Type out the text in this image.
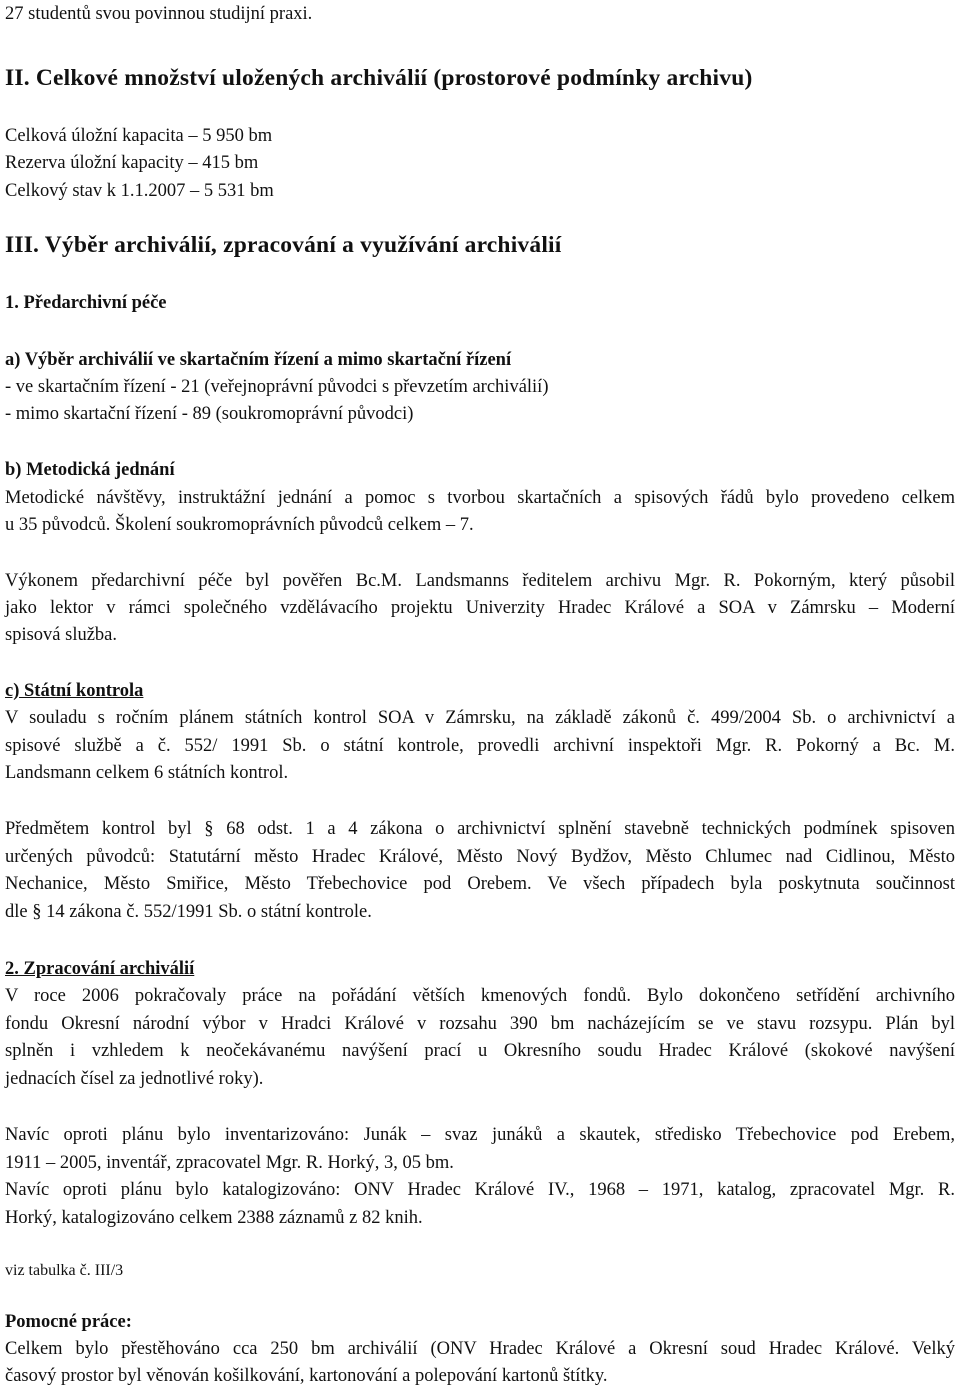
27 studentů svou povinnou studijní praxi.
II. Celkové množství uložených archiválií (prostorové podmínky archivu)
Celková úložní kapacita – 5 950 bm
Rezerva úložní kapacity – 415 bm
Celkový stav k 1.1.2007 – 5 531 bm
III. Výběr archiválií, zpracování a využívání archiválií
1. Předarchivní péče
a) Výběr archiválií ve skartačním řízení a mimo skartační řízení
- ve skartačním řízení - 21 (veřejnoprávní původci s převzetím archiválií)
- mimo skartační řízení - 89 (soukromoprávní původci)
b) Metodická jednání
Metodické návštěvy, instruktážní jednání a pomoc s tvorbou skartačních a spisových řádů bylo provedeno celkem
u 35 původců. Školení soukromoprávních původců celkem – 7.
Výkonem předarchivní péče byl pověřen Bc.M. Landsmanns ředitelem archivu Mgr. R. Pokorným, který působil
jako lektor v rámci společného vzdělávacího projektu Univerzity Hradec Králové a SOA v Zámrsku – Moderní
spisová služba.
c) Státní kontrola
V souladu s ročním plánem státních kontrol SOA v Zámrsku, na základě zákonů č. 499/2004 Sb. o archivnictví a
spisové službě a č. 552/ 1991 Sb. o státní kontrole, provedli archivní inspektoři Mgr. R. Pokorný a Bc. M.
Landsmann celkem 6 státních kontrol.
Předmětem kontrol byl § 68 odst. 1 a 4 zákona o archivnictví splnění stavebně technických podmínek spisoven
určených původců: Statutární město Hradec Králové, Město Nový Bydžov, Město Chlumec nad Cidlinou, Město
Nechanice, Město Smiřice, Město Třebechovice pod Orebem. Ve všech případech byla poskytnuta součinnost
dle § 14 zákona č. 552/1991 Sb. o státní kontrole.
2. Zpracování archiválií
V roce 2006 pokračovaly práce na pořádání větších kmenových fondů. Bylo dokončeno setřídění archivního
fondu Okresní národní výbor v Hradci Králové v rozsahu 390 bm nacházejícím se ve stavu rozsypu. Plán byl
splněn i vzhledem k neočekávanému navýšení prací u Okresního soudu Hradec Králové (skokové navýšení
jednacích čísel za jednotlivé roky).
Navíc oproti plánu bylo inventarizováno: Junák – svaz junáků a skautek, středisko Třebechovice pod Erebem,
1911 – 2005, inventář, zpracovatel Mgr. R. Horký, 3, 05 bm.
Navíc oproti plánu bylo katalogizováno: ONV Hradec Králové IV., 1968 – 1971, katalog, zpracovatel Mgr. R.
Horký, katalogizováno celkem 2388 záznamů z 82 knih.
viz tabulka č. III/3
Pomocné práce:
Celkem bylo přestěhováno cca 250 bm archiválií (ONV Hradec Králové a Okresní soud Hradec Králové. Velký
časový prostor byl věnován košilkování, kartonování a polepování kartonů štítky.
